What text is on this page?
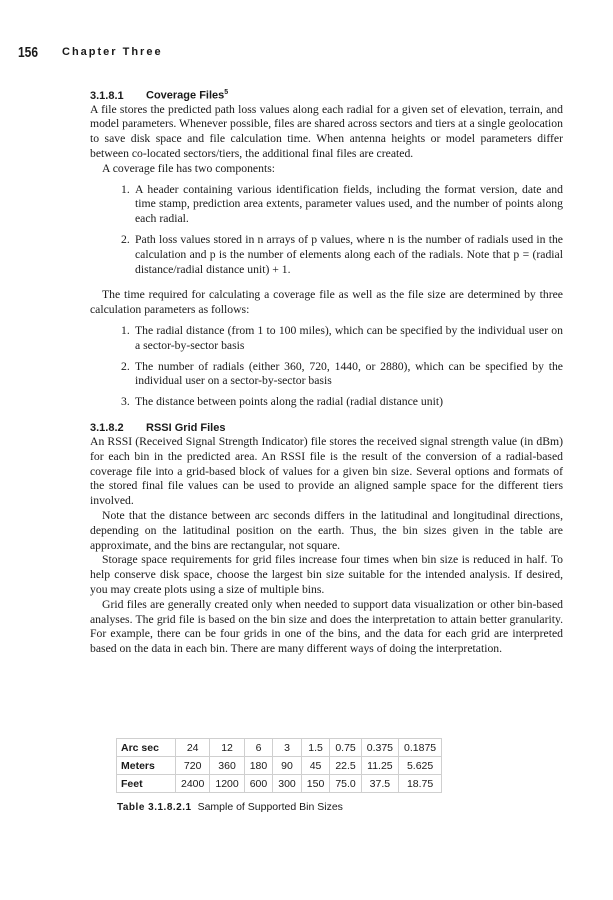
156 Chapter Three
3.1.8.1 Coverage Files$^5$

A file stores the predicted path loss values along each radial for a given set of elevation, terrain, and model parameters. Whenever possible, files are shared across sectors and tiers at a single geolocation to save disk space and file calculation time. When antenna heights or model parameters differ between co-located sectors/tiers, the additional final files are created.

A coverage file has two components:

1. A header containing various identification fields, including the format version, date and time stamp, prediction area extents, parameter values used, and the number of points along each radial.
2. Path loss values stored in n arrays of p values, where n is the number of radials used in the calculation and p is the number of elements along each of the radials. Note that p = (radial distance/radial distance unit) + 1.

The time required for calculating a coverage file as well as the file size are determined by three calculation parameters as follows:

1. The radial distance (from 1 to 100 miles), which can be specified by the individual user on a sector-by-sector basis
2. The number of radials (either 360, 720, 1440, or 2880), which can be specified by the individual user on a sector-by-sector basis
3. The distance between points along the radial (radial distance unit)
3.1.8.2 RSSI Grid Files

An RSSI (Received Signal Strength Indicator) file stores the received signal strength value (in dBm) for each bin in the predicted area. An RSSI file is the result of the conversion of a radial-based coverage file into a grid-based block of values for a given bin size. Several options and formats of the stored final file values can be used to provide an aligned sample space for the different tiers involved.

Note that the distance between arc seconds differs in the latitudinal and longitudinal directions, depending on the latitudinal position on the earth. Thus, the bin sizes given in the table are approximate, and the bins are rectangular, not square.

Storage space requirements for grid files increase four times when bin size is reduced in half. To help conserve disk space, choose the largest bin size suitable for the intended analysis. If desired, you may create plots using a size of multiple bins.

Grid files are generally created only when needed to support data visualization or other bin-based analyses. The grid file is based on the bin size and does the interpretation to attain better granularity. For example, there can be four grids in one of the bins, and the data for each grid are interpreted based on the data in each bin. There are many different ways of doing the interpretation.

Arc sec	24	12	6	3	1.5	0.75	0.375	0.1875
Meters	720	360	180	90	45	22.5	11.25	5.625
Feet	2400	1200	600	300	150	75.0	37.5	18.75
Table 3.1.8.2.1 Sample of Supported Bin Sizes
